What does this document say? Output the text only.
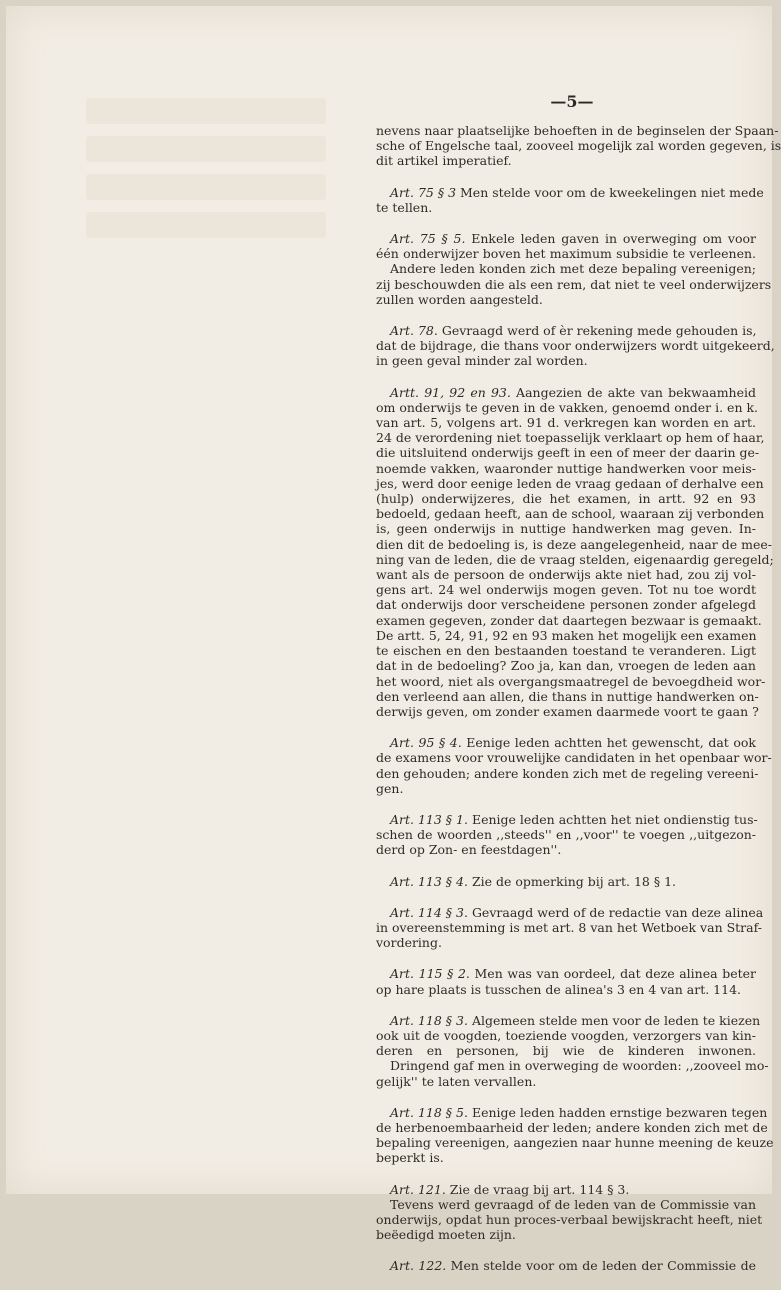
—5—
nevens naar plaatselijke behoeften in de beginselen der Spaan-
sche of Engelsche taal, zooveel mogelijk zal worden gegeven, is
dit artikel imperatief.
Art. 75 § 3 Men stelde voor om de kweekelingen niet mede
te tellen.
Art. 75 § 5. Enkele leden gaven in overweging om voor
één onderwijzer boven het maximum subsidie te verleenen.
Andere leden konden zich met deze bepaling vereenigen;
zij beschouwden die als een rem, dat niet te veel onderwijzers
zullen worden aangesteld.
Art. 78. Gevraagd werd of èr rekening mede gehouden is,
dat de bijdrage, die thans voor onderwijzers wordt uitgekeerd,
in geen geval minder zal worden.
Artt. 91, 92 en 93. Aangezien de akte van bekwaamheid
om onderwijs te geven in de vakken, genoemd onder i. en k.
van art. 5, volgens art. 91 d. verkregen kan worden en art.
24 de verordening niet toepasselijk verklaart op hem of haar,
die uitsluitend onderwijs geeft in een of meer der daarin ge-
noemde vakken, waaronder nuttige handwerken voor meis-
jes, werd door eenige leden de vraag gedaan of derhalve een
(hulp) onderwijzeres, die het examen, in artt. 92 en 93
bedoeld, gedaan heeft, aan de school, waaraan zij verbonden
is, geen onderwijs in nuttige handwerken mag geven. In-
dien dit de bedoeling is, is deze aangelegenheid, naar de mee-
ning van de leden, die de vraag stelden, eigenaardig geregeld;
want als de persoon de onderwijs akte niet had, zou zij vol-
gens art. 24 wel onderwijs mogen geven. Tot nu toe wordt
dat onderwijs door verscheidene personen zonder afgelegd
examen gegeven, zonder dat daartegen bezwaar is gemaakt.
De artt. 5, 24, 91, 92 en 93 maken het mogelijk een examen
te eischen en den bestaanden toestand te veranderen. Ligt
dat in de bedoeling? Zoo ja, kan dan, vroegen de leden aan
het woord, niet als overgangsmaatregel de bevoegdheid wor-
den verleend aan allen, die thans in nuttige handwerken on-
derwijs geven, om zonder examen daarmede voort te gaan ?
Art. 95 § 4. Eenige leden achtten het gewenscht, dat ook
de examens voor vrouwelijke candidaten in het openbaar wor-
den gehouden; andere konden zich met de regeling vereeni-
gen.
Art. 113 § 1. Eenige leden achtten het niet ondienstig tus-
schen de woorden ,,steeds'' en ,,voor'' te voegen ,,uitgezon-
derd op Zon- en feestdagen''.
Art. 113 § 4. Zie de opmerking bij art. 18 § 1.
Art. 114 § 3. Gevraagd werd of de redactie van deze alinea
in overeenstemming is met art. 8 van het Wetboek van Straf-
vordering.
Art. 115 § 2. Men was van oordeel, dat deze alinea beter
op hare plaats is tusschen de alinea's 3 en 4 van art. 114.
Art. 118 § 3. Algemeen stelde men voor de leden te kiezen
ook uit de voogden, toeziende voogden, verzorgers van kin-
deren en personen, bij wie de kinderen inwonen.
Dringend gaf men in overweging de woorden: ,,zooveel mo-
gelijk'' te laten vervallen.
Art. 118 § 5. Eenige leden hadden ernstige bezwaren tegen
de herbenoembaarheid der leden; andere konden zich met de
bepaling vereenigen, aangezien naar hunne meening de keuze
beperkt is.
Art. 121. Zie de vraag bij art. 114 § 3.
Tevens werd gevraagd of de leden van de Commissie van
onderwijs, opdat hun proces-verbaal bewijskracht heeft, niet
beëedigd moeten zijn.
Art. 122. Men stelde voor om de leden der Commissie de
